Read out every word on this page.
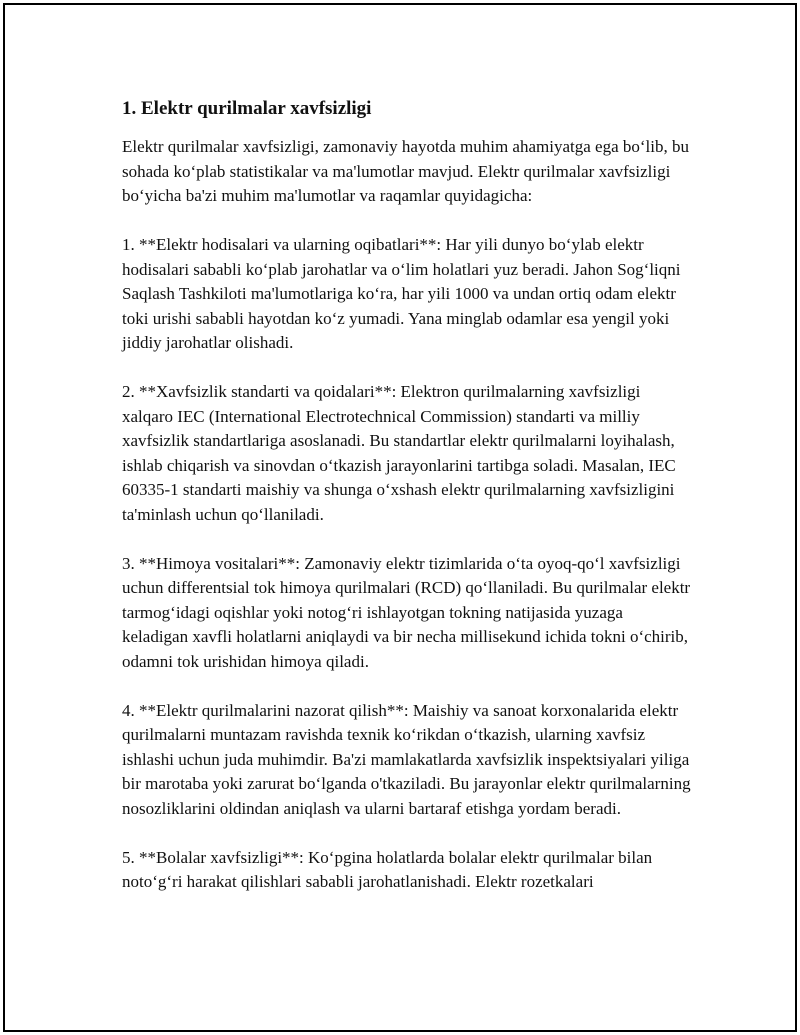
1. Elektr qurilmalar xavfsizligi

Elektr qurilmalar xavfsizligi, zamonaviy hayotda muhim ahamiyatga ega bo‘lib, bu sohada ko‘plab statistikalar va ma'lumotlar mavjud. Elektr qurilmalar xavfsizligi bo‘yicha ba'zi muhim ma'lumotlar va raqamlar quyidagicha:

1. **Elektr hodisalari va ularning oqibatlari**: Har yili dunyo bo‘ylab elektr hodisalari sababli ko‘plab jarohatlar va o‘lim holatlari yuz beradi. Jahon Sog‘liqni Saqlash Tashkiloti ma'lumotlariga ko‘ra, har yili 1000 va undan ortiq odam elektr toki urishi sababli hayotdan ko‘z yumadi. Yana minglab odamlar esa yengil yoki jiddiy jarohatlar olishadi.

2. **Xavfsizlik standarti va qoidalari**: Elektron qurilmalarning xavfsizligi xalqaro IEC (International Electrotechnical Commission) standarti va milliy xavfsizlik standartlariga asoslanadi. Bu standartlar elektr qurilmalarni loyihalash, ishlab chiqarish va sinovdan o‘tkazish jarayonlarini tartibga soladi. Masalan, IEC 60335-1 standarti maishiy va shunga o‘xshash elektr qurilmalarning xavfsizligini ta'minlash uchun qo‘llaniladi.

3. **Himoya vositalari**: Zamonaviy elektr tizimlarida o‘ta oyoq-qo‘l xavfsizligi uchun differentsial tok himoya qurilmalari (RCD) qo‘llaniladi. Bu qurilmalar elektr tarmog‘idagi oqishlar yoki notog‘ri ishlayotgan tokning natijasida yuzaga keladigan xavfli holatlarni aniqlaydi va bir necha millisekund ichida tokni o‘chirib, odamni tok urishidan himoya qiladi.

4. **Elektr qurilmalarini nazorat qilish**: Maishiy va sanoat korxonalarida elektr qurilmalarni muntazam ravishda texnik ko‘rikdan o‘tkazish, ularning xavfsiz ishlashi uchun juda muhimdir. Ba'zi mamlakatlarda xavfsizlik inspektsiyalari yiliga bir marotaba yoki zarurat bo‘lganda o'tkaziladi. Bu jarayonlar elektr qurilmalarning nosozliklarini oldindan aniqlash va ularni bartaraf etishga yordam beradi.

5. **Bolalar xavfsizligi**: Ko‘pgina holatlarda bolalar elektr qurilmalar bilan noto‘g‘ri harakat qilishlari sababli jarohatlanishadi. Elektr rozetkalari
